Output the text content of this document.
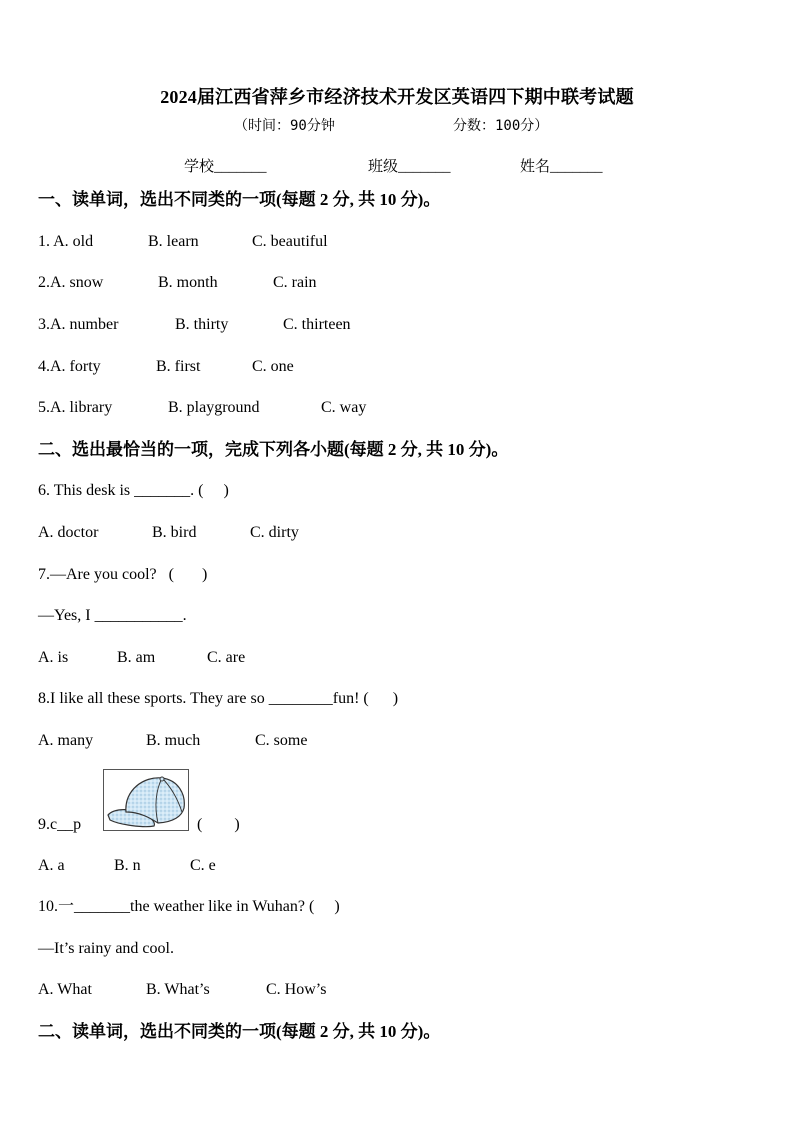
2024届江西省萍乡市经济技术开发区英语四下期中联考试题
（时间：90分钟	分数：100分）
学校_______	班级_______	姓名_______
一、读单词，选出不同类的一项(每题 2 分, 共 10 分)。

1. A. old

	B. learn

	C. beautiful

2.A. snow

	B. month

	C. rain

3.A. number

	B. thirty

	C. thirteen

4.A. forty

	B. first

	C. one

5.A. library

	B. playground

	C. way

二、选出最恰当的一项，完成下列各小题(每题 2 分, 共 10 分)。
6. This desk is _______. (     )

A. doctor

	B. bird

	C. dirty

7.—Are you cool?   (       )
—Yes, I ___________.

A. is

	B. am

	C. are

8.I like all these sports. They are so ________fun! (      )

A. many

	B. much

	C. some

9.c__p	(        )

A. a

	B. n

	C. e

10.一_______the weather like in Wuhan? (     )
—It’s rainy and cool.

A. What

	B. What’s

	C. How’s

二、读单词，选出不同类的一项(每题 2 分, 共 10 分)。
